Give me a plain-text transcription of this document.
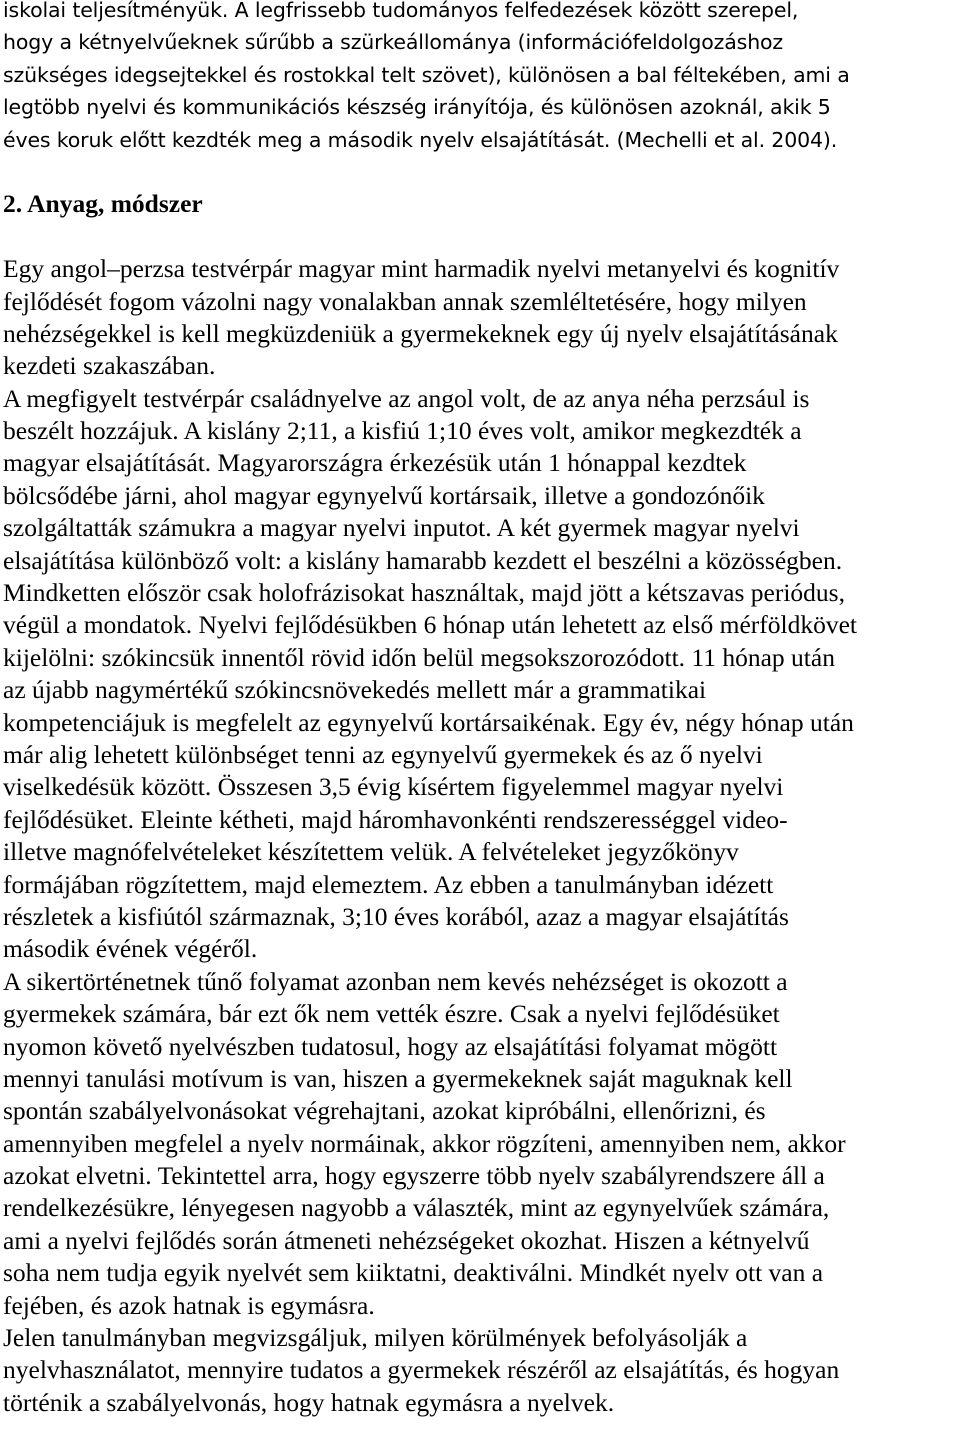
iskolai teljesítményük. A legfrissebb tudományos felfedezések között szerepel,
hogy a kétnyelvűeknek sűrűbb a szürkeállománya (információfeldolgozáshoz
szükséges idegsejtekkel és rostokkal telt szövet), különösen a bal féltekében, ami a
legtöbb nyelvi és kommunikációs készség irányítója, és különösen azoknál, akik 5
éves koruk előtt kezdték meg a második nyelv elsajátítását. (Mechelli et al. 2004).
2. Anyag, módszer
Egy angol–perzsa testvérpár magyar mint harmadik nyelvi metanyelvi és kognitív
fejlődését fogom vázolni nagy vonalakban annak szemléltetésére, hogy milyen
nehézségekkel is kell megküzdeniük a gyermekeknek egy új nyelv elsajátításának
kezdeti szakaszában.
A megfigyelt testvérpár családnyelve az angol volt, de az anya néha perzsául is
beszélt hozzájuk. A kislány 2;11, a kisfiú 1;10 éves volt, amikor megkezdték a
magyar elsajátítását. Magyarországra érkezésük után 1 hónappal kezdtek
bölcsődébe járni, ahol magyar egynyelvű kortársaik, illetve a gondozónőik
szolgáltatták számukra a magyar nyelvi inputot. A két gyermek magyar nyelvi
elsajátítása különböző volt: a kislány hamarabb kezdett el beszélni a közösségben.
Mindketten először csak holofrázisokat használtak, majd jött a kétszavas periódus,
végül a mondatok. Nyelvi fejlődésükben 6 hónap után lehetett az első mérföldkövet
kijelölni: szókincsük innentől rövid időn belül megsokszorozódott. 11 hónap után
az újabb nagymértékű szókincsnövekedés mellett már a grammatikai
kompetenciájuk is megfelelt az egynyelvű kortársaikénak. Egy év, négy hónap után
már alig lehetett különbséget tenni az egynyelvű gyermekek és az ő nyelvi
viselkedésük között. Összesen 3,5 évig kísértem figyelemmel magyar nyelvi
fejlődésüket. Eleinte kétheti, majd háromhavonkénti rendszerességgel video-
illetve magnófelvételeket készítettem velük. A felvételeket jegyzőkönyv
formájában rögzítettem, majd elemeztem. Az ebben a tanulmányban idézett
részletek a kisfiútól származnak, 3;10 éves korából, azaz a magyar elsajátítás
második évének végéről.
A sikertörténetnek tűnő folyamat azonban nem kevés nehézséget is okozott a
gyermekek számára, bár ezt ők nem vették észre. Csak a nyelvi fejlődésüket
nyomon követő nyelvészben tudatosul, hogy az elsajátítási folyamat mögött
mennyi tanulási motívum is van, hiszen a gyermekeknek saját maguknak kell
spontán szabályelvonásokat végrehajtani, azokat kipróbálni, ellenőrizni, és
amennyiben megfelel a nyelv normáinak, akkor rögzíteni, amennyiben nem, akkor
azokat elvetni. Tekintettel arra, hogy egyszerre több nyelv szabályrendszere áll a
rendelkezésükre, lényegesen nagyobb a választék, mint az egynyelvűek számára,
ami a nyelvi fejlődés során átmeneti nehézségeket okozhat. Hiszen a kétnyelvű
soha nem tudja egyik nyelvét sem kiiktatni, deaktiválni. Mindkét nyelv ott van a
fejében, és azok hatnak is egymásra.
Jelen tanulmányban megvizsgáljuk, milyen körülmények befolyásolják a
nyelvhasználatot, mennyire tudatos a gyermekek részéről az elsajátítás, és hogyan
történik a szabályelvonás, hogy hatnak egymásra a nyelvek.
